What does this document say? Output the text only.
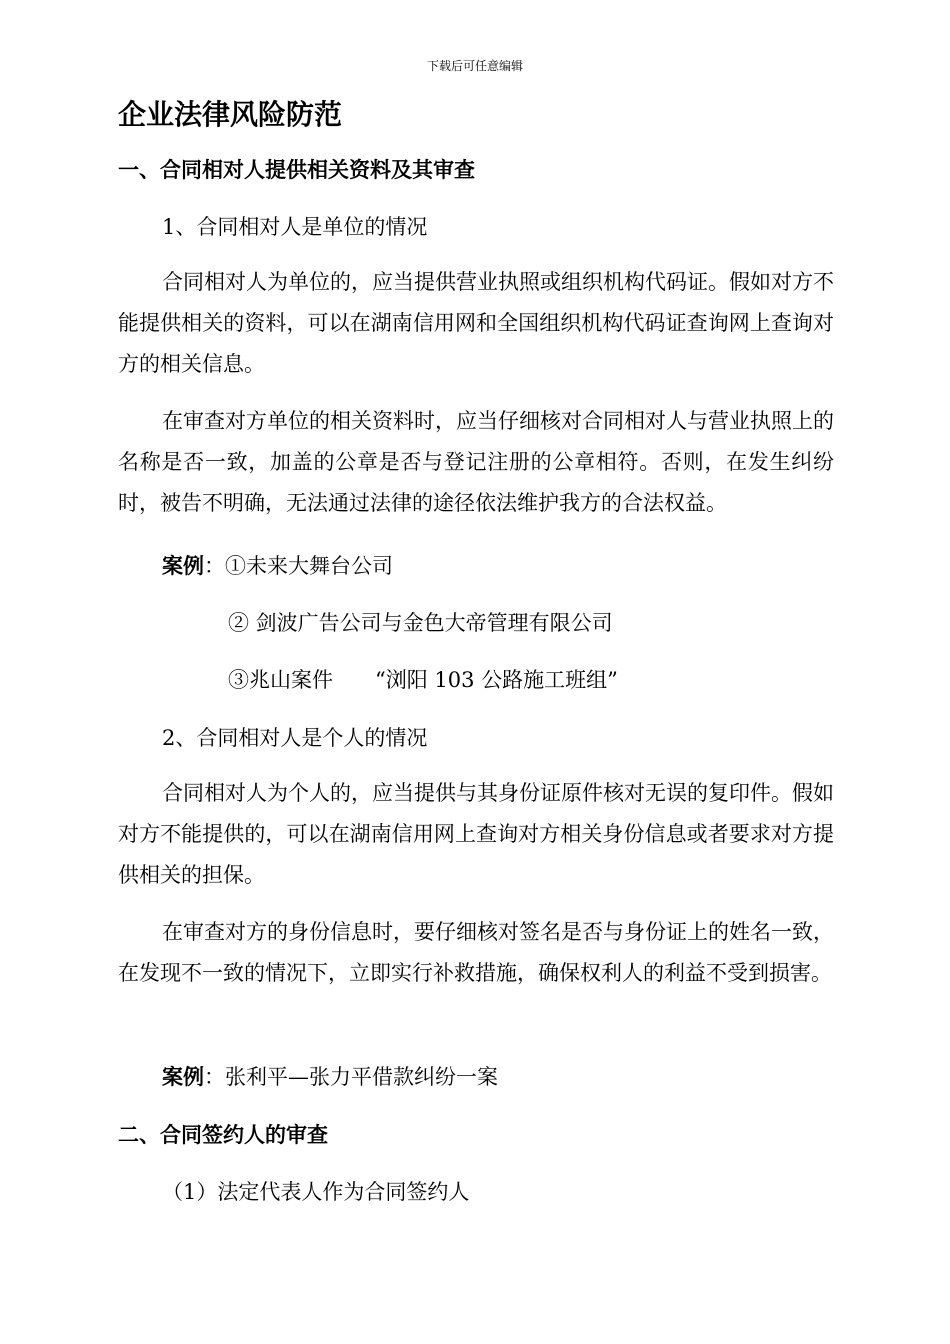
下载后可任意编辑
企业法律风险防范
一、合同相对人提供相关资料及其审查
1、合同相对人是单位的情况
合同相对人为单位的，应当提供营业执照或组织机构代码证。假如对方不能提供相关的资料，可以在湖南信用网和全国组织机构代码证查询网上查询对方的相关信息。
在审查对方单位的相关资料时，应当仔细核对合同相对人与营业执照上的名称是否一致，加盖的公章是否与登记注册的公章相符。否则，在发生纠纷时，被告不明确，无法通过法律的途径依法维护我方的合法权益。
案例：①未来大舞台公司
② 剑波广告公司与金色大帝管理有限公司
③兆山案件　　“浏阳 103 公路施工班组”
2、合同相对人是个人的情况
合同相对人为个人的，应当提供与其身份证原件核对无误的复印件。假如对方不能提供的，可以在湖南信用网上查询对方相关身份信息或者要求对方提供相关的担保。
在审查对方的身份信息时，要仔细核对签名是否与身份证上的姓名一致，在发现不一致的情况下，立即实行补救措施，确保权利人的利益不受到损害。
案例：张利平—张力平借款纠纷一案
二、合同签约人的审查
（1）法定代表人作为合同签约人
